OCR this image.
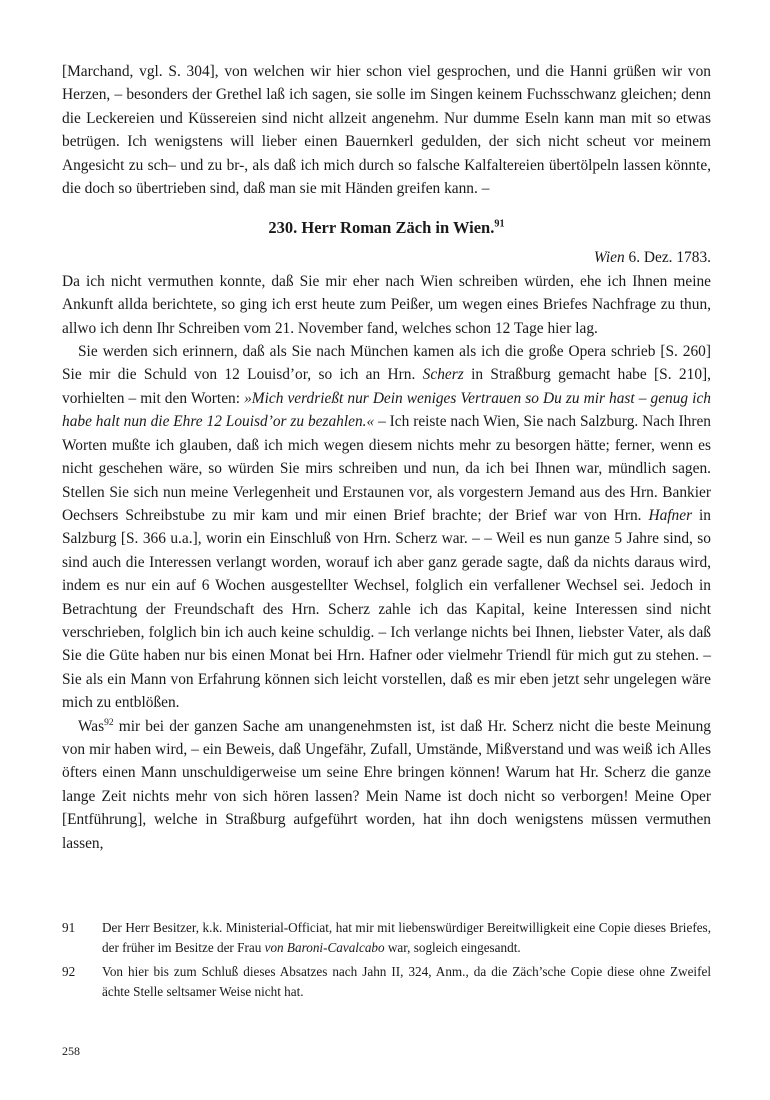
[Marchand, vgl. S. 304], von welchen wir hier schon viel gesprochen, und die Hanni grüßen wir von Herzen, – besonders der Grethel laß ich sagen, sie solle im Singen keinem Fuchsschwanz gleichen; denn die Leckereien und Küssereien sind nicht allzeit angenehm. Nur dumme Eseln kann man mit so etwas betrügen. Ich wenigstens will lieber einen Bauernkerl gedulden, der sich nicht scheut vor meinem Angesicht zu sch– und zu br-, als daß ich mich durch so falsche Kalfaltereien übertölpeln lassen könnte, die doch so übertrieben sind, daß man sie mit Händen greifen kann. –

230. Herr Roman Zäch in Wien.$^{91}$

Wien 6. Dez. 1783.

Da ich nicht vermuthen konnte, daß Sie mir eher nach Wien schreiben würden, ehe ich Ihnen meine Ankunft allda berichtete, so ging ich erst heute zum Peißer, um wegen eines Briefes Nachfrage zu thun, allwo ich denn Ihr Schreiben vom 21. November fand, welches schon 12 Tage hier lag.

Sie werden sich erinnern, daß als Sie nach München kamen als ich die große Opera schrieb [S. 260] Sie mir die Schuld von 12 Louisd’or, so ich an Hrn. Scherz in Straßburg gemacht habe [S. 210], vorhielten – mit den Worten: »Mich verdrießt nur Dein weniges Vertrauen so Du zu mir hast – genug ich habe halt nun die Ehre 12 Louisd’or zu bezahlen.« – Ich reiste nach Wien, Sie nach Salzburg. Nach Ihren Worten mußte ich glauben, daß ich mich wegen diesem nichts mehr zu besorgen hätte; ferner, wenn es nicht geschehen wäre, so würden Sie mirs schreiben und nun, da ich bei Ihnen war, mündlich sagen. Stellen Sie sich nun meine Verlegenheit und Erstaunen vor, als vorgestern Jemand aus des Hrn. Bankier Oechsers Schreibstube zu mir kam und mir einen Brief brachte; der Brief war von Hrn. Hafner in Salzburg [S. 366 u.a.], worin ein Einschluß von Hrn. Scherz war. – – Weil es nun ganze 5 Jahre sind, so sind auch die Interessen verlangt worden, worauf ich aber ganz gerade sagte, daß da nichts daraus wird, indem es nur ein auf 6 Wochen ausgestellter Wechsel, folglich ein verfallener Wechsel sei. Jedoch in Betrachtung der Freundschaft des Hrn. Scherz zahle ich das Kapital, keine Interessen sind nicht verschrieben, folglich bin ich auch keine schuldig. – Ich verlange nichts bei Ihnen, liebster Vater, als daß Sie die Güte haben nur bis einen Monat bei Hrn. Hafner oder vielmehr Triendl für mich gut zu stehen. – Sie als ein Mann von Erfahrung können sich leicht vorstellen, daß es mir eben jetzt sehr ungelegen wäre mich zu entblößen.

Was$^{92}$ mir bei der ganzen Sache am unangenehmsten ist, ist daß Hr. Scherz nicht die beste Meinung von mir haben wird, – ein Beweis, daß Ungefähr, Zufall, Umstände, Mißverstand und was weiß ich Alles öfters einen Mann unschuldigerweise um seine Ehre bringen können! Warum hat Hr. Scherz die ganze lange Zeit nichts mehr von sich hören lassen? Mein Name ist doch nicht so verborgen! Meine Oper [Entführung], welche in Straßburg aufgeführt worden, hat ihn doch wenigstens müssen vermuthen lassen,

91	Der Herr Besitzer, k.k. Ministerial-Officiat, hat mir mit liebenswürdiger Bereitwilligkeit eine Copie dieses Briefes, der früher im Besitze der Frau von Baroni-Cavalcabo war, sogleich eingesandt.
92	Von hier bis zum Schluß dieses Absatzes nach Jahn II, 324, Anm., da die Zäch’sche Copie diese ohne Zweifel ächte Stelle seltsamer Weise nicht hat.
258
